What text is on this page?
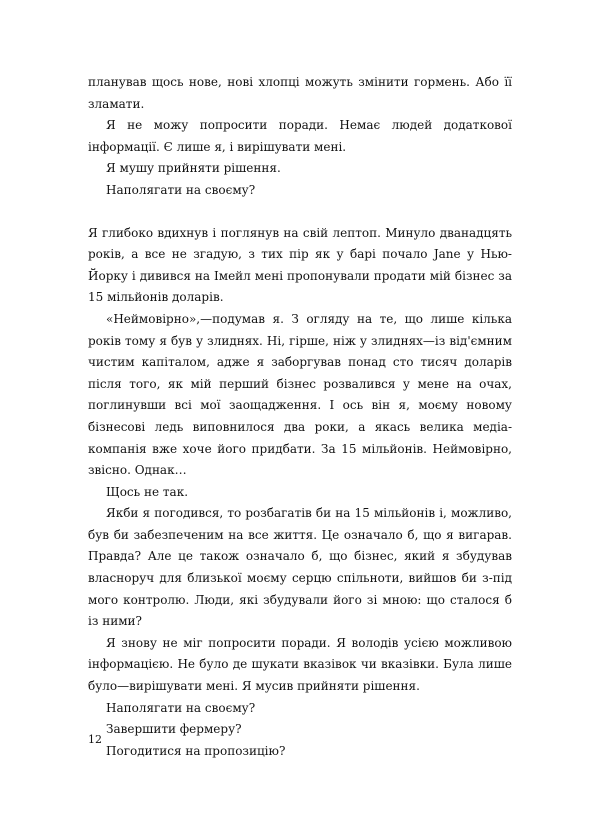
планував щось нове, нові хлопці можуть змінити гормень. Або її зламати.

Я не можу попросити поради. Немає людей додаткової інформації. Є лише я, і вирішувати мені.

Я мушу прийняти рішення.

Наполягати на своєму?

Я глибоко вдихнув і поглянув на свій лептоп. Минуло дванадцять років, а все не згадую, з тих пір як у барі почало Jane у Нью-Йорку і дивився на Імейл мені пропонували продати мій бізнес за 15 мільйонів доларів.

«Неймовірно»,—подумав я. З огляду на те, що лише кілька років тому я був у злиднях. Ні, гірше, ніж у злиднях—із від'ємним чистим капіталом, адже я заборгував понад сто тисяч доларів після того, як мій перший бізнес розвалився у мене на очах, поглинувши всі мої заощадження. І ось він я, моєму новому бізнесові ледь виповнилося два роки, а якась велика медіа-компанія вже хоче його придбати. За 15 мільйонів. Неймовірно, звісно. Однак…

Щось не так.

Якби я погодився, то розбагатів би на 15 мільйонів і, можливо, був би забезпеченим на все життя. Це означало б, що я вигарав. Правда? Але це також означало б, що бізнес, який я збудував власноруч для близької моєму серцю спільноти, вийшов би з-під мого контролю. Люди, які збудували його зі мною: що сталося б із ними?

Я знову не міг попросити поради. Я володів усією можливою інформацією. Не було де шукати вказівок чи вказівки. Була лише було—вирішувати мені. Я мусив прийняти рішення.

Наполягати на своєму?

Завершити фермеру?

Погодитися на пропозицію?

12
